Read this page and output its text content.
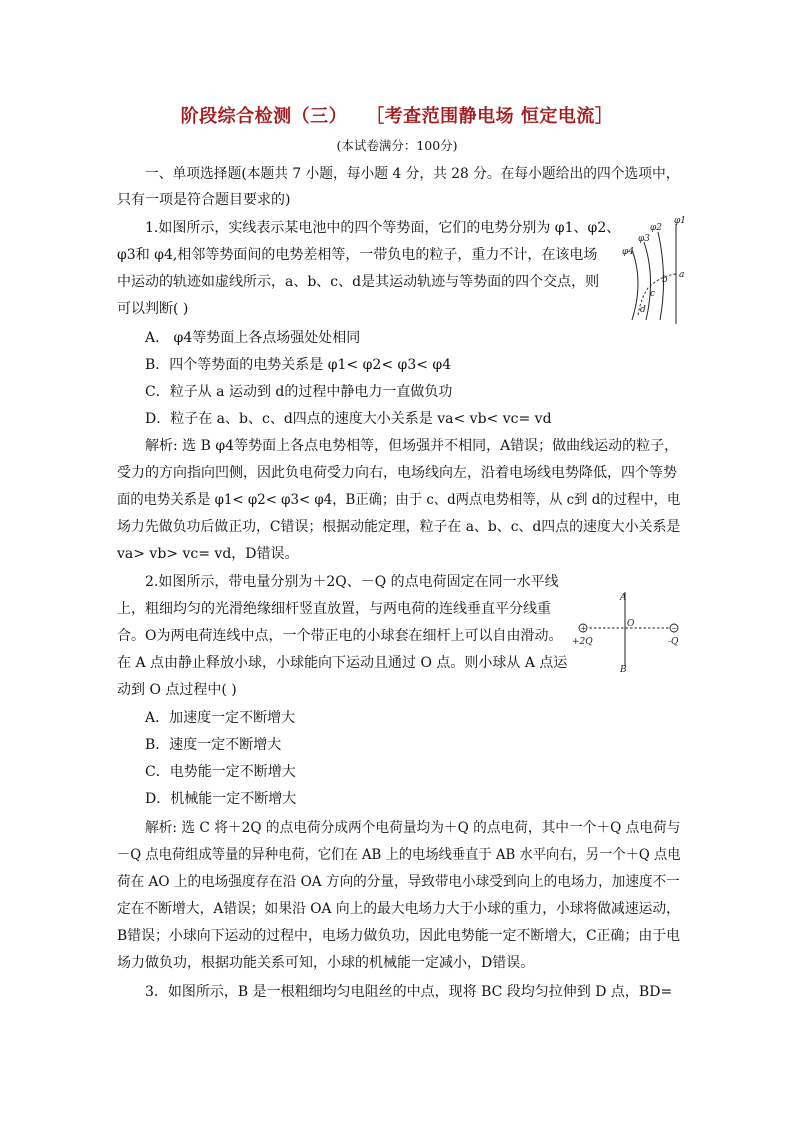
阶段综合检测（三） ［考查范围静电场 恒定电流］
(本试卷满分：100分)
一、单项选择题(本题共 7 小题，每小题 4 分，共 28 分。在每小题给出的四个选项中，
只有一项是符合题目要求的)
1.如图所示，实线表示某电池中的四个等势面，它们的电势分别为 φ1、φ2、
φ3和 φ4,相邻等势面间的电势差相等，一带负电的粒子，重力不计，在该电场
中运动的轨迹如虚线所示，a、b、c、d是其运动轨迹与等势面的四个交点，则
可以判断( )
φ1
φ2
φ3
φ4
a
b
c
d
A． φ4等势面上各点场强处处相同
B．四个等势面的电势关系是 φ1< φ2< φ3< φ4
C．粒子从 a 运动到 d的过程中静电力一直做负功
D．粒子在 a、b、c、d四点的速度大小关系是 va< vb< vc= vd
解析: 选 B φ4等势面上各点电势相等，但场强并不相同，A错误；做曲线运动的粒子，
受力的方向指向凹侧，因此负电荷受力向右，电场线向左，沿着电场线电势降低，四个等势
面的电势关系是 φ1< φ2< φ3< φ4，B正确；由于 c、d两点电势相等，从 c到 d的过程中，电
场力先做负功后做正功，C错误；根据动能定理，粒子在 a、b、c、d四点的速度大小关系是
va> vb> vc= vd，D错误。
2.如图所示，带电量分别为＋2Q、－Q 的点电荷固定在同一水平线
上，粗细均匀的光滑绝缘细杆竖直放置，与两电荷的连线垂直平分线重
合。O为两电荷连线中点，一个带正电的小球套在细杆上可以自由滑动。
在 A 点由静止释放小球，小球能向下运动且通过 O 点。则小球从 A 点运
动到 O 点过程中( )
+	−
A
O
B
+2Q	-Q
A．加速度一定不断增大
B．速度一定不断增大
C．电势能一定不断增大
D．机械能一定不断增大
解析: 选 C 将＋2Q 的点电荷分成两个电荷量均为＋Q 的点电荷，其中一个＋Q 点电荷与
－Q 点电荷组成等量的异种电荷，它们在 AB 上的电场线垂直于 AB 水平向右，另一个＋Q 点电
荷在 AO 上的电场强度存在沿 OA 方向的分量，导致带电小球受到向上的电场力，加速度不一
定在不断增大，A错误；如果沿 OA 向上的最大电场力大于小球的重力，小球将做减速运动，
B错误；小球向下运动的过程中，电场力做负功，因此电势能一定不断增大，C正确；由于电
场力做负功，根据功能关系可知，小球的机械能一定减小，D错误。
3．如图所示，B 是一根粗细均匀电阻丝的中点，现将 BC 段均匀拉伸到 D 点，BD=
